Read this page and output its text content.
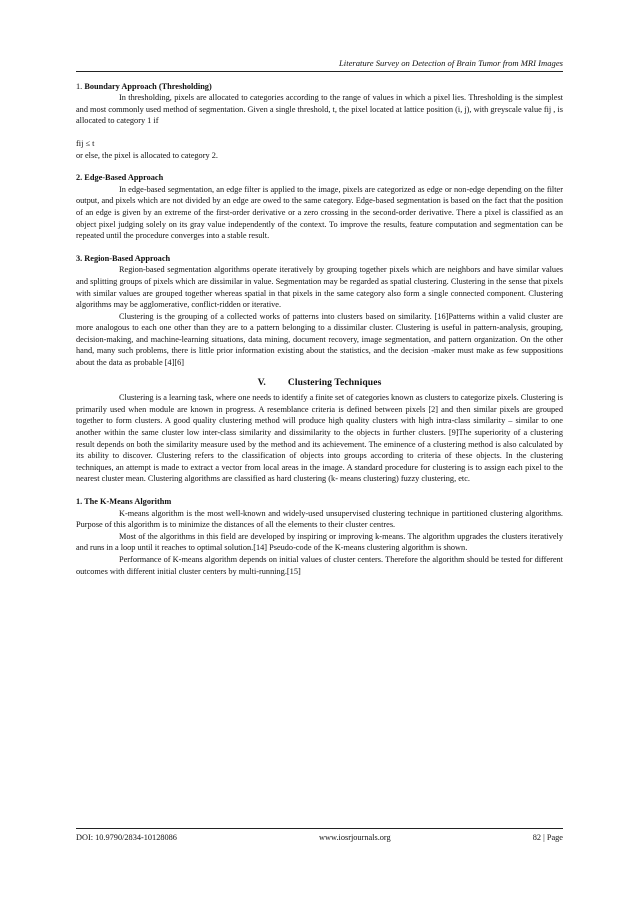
Literature Survey on Detection of Brain Tumor from MRI Images
1. Boundary Approach (Thresholding)

In thresholding, pixels are allocated to categories according to the range of values in which a pixel lies. Thresholding is the simplest and most commonly used method of segmentation. Given a single threshold, t, the pixel located at lattice position (i, j), with greyscale value fij , is allocated to category 1 if

fij ≤ t

or else, the pixel is allocated to category 2.

2. Edge-Based Approach

In edge-based segmentation, an edge filter is applied to the image, pixels are categorized as edge or non-edge depending on the filter output, and pixels which are not divided by an edge are owed to the same category. Edge-based segmentation is based on the fact that the position of an edge is given by an extreme of the first-order derivative or a zero crossing in the second-order derivative. There a pixel is classified as an object pixel judging solely on its gray value independently of the context. To improve the results, feature computation and segmentation can be repeated until the procedure converges into a stable result.

3. Region-Based Approach

Region-based segmentation algorithms operate iteratively by grouping together pixels which are neighbors and have similar values and splitting groups of pixels which are dissimilar in value. Segmentation may be regarded as spatial clustering. Clustering in the sense that pixels with similar values are grouped together whereas spatial in that pixels in the same category also form a single connected component. Clustering algorithms may be agglomerative, conflict-ridden or iterative.

Clustering is the grouping of a collected works of patterns into clusters based on similarity. [16]Patterns within a valid cluster are more analogous to each one other than they are to a pattern belonging to a dissimilar cluster. Clustering is useful in pattern-analysis, grouping, decision-making, and machine-learning situations, data mining, document recovery, image segmentation, and pattern organization. On the other hand, many such problems, there is little prior information existing about the statistics, and the decision -maker must make as few suppositions about the data as probable [4][6]

V. Clustering Techniques

Clustering is a learning task, where one needs to identify a finite set of categories known as clusters to categorize pixels. Clustering is primarily used when module are known in progress. A resemblance criteria is defined between pixels [2] and then similar pixels are grouped together to form clusters. A good quality clustering method will produce high quality clusters with high intra-class similarity – similar to one another within the same cluster low inter-class similarity and dissimilarity to the objects in further clusters. [9]The superiority of a clustering result depends on both the similarity measure used by the method and its achievement. The eminence of a clustering method is also calculated by its ability to discover. Clustering refers to the classification of objects into groups according to criteria of these objects. In the clustering techniques, an attempt is made to extract a vector from local areas in the image. A standard procedure for clustering is to assign each pixel to the nearest cluster mean. Clustering algorithms are classified as hard clustering (k- means clustering) fuzzy clustering, etc.

1. The K-Means Algorithm

K-means algorithm is the most well-known and widely-used unsupervised clustering technique in partitioned clustering algorithms. Purpose of this algorithm is to minimize the distances of all the elements to their cluster centres.

Most of the algorithms in this field are developed by inspiring or improving k-means. The algorithm upgrades the clusters iteratively and runs in a loop until it reaches to optimal solution.[14] Pseudo-code of the K-means clustering algorithm is shown.

Performance of K-means algorithm depends on initial values of cluster centers. Therefore the algorithm should be tested for different outcomes with different initial cluster centers by multi-running.[15]

DOI: 10.9790/2834-10128086	www.iosrjournals.org	82 | Page
